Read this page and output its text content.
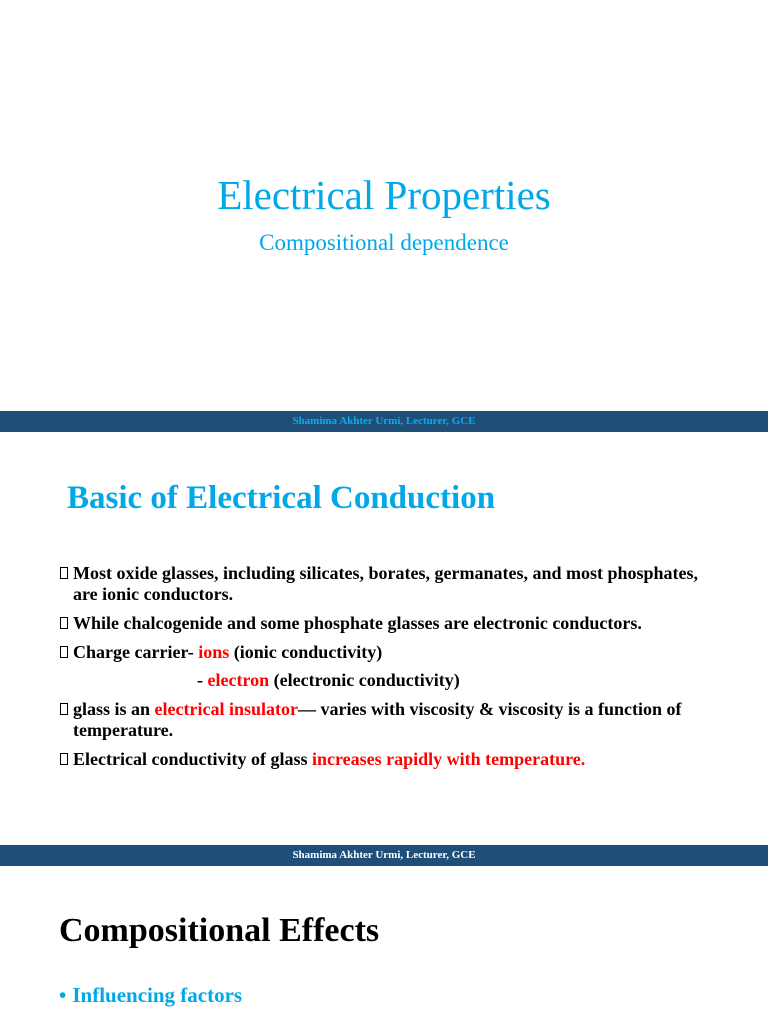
Electrical Properties
Compositional dependence
Shamima Akhter Urmi, Lecturer, GCE
Basic of Electrical Conduction
Most oxide glasses, including silicates, borates, germanates, and most phosphates, are ionic conductors.
While chalcogenide and some phosphate glasses are electronic conductors.
Charge carrier- ions (ionic conductivity)
- electron (electronic conductivity)
glass is an electrical insulator— varies with viscosity & viscosity is a function of temperature.
Electrical conductivity of glass increases rapidly with temperature.
Shamima Akhter Urmi, Lecturer, GCE
Compositional Effects
• Influencing factors
